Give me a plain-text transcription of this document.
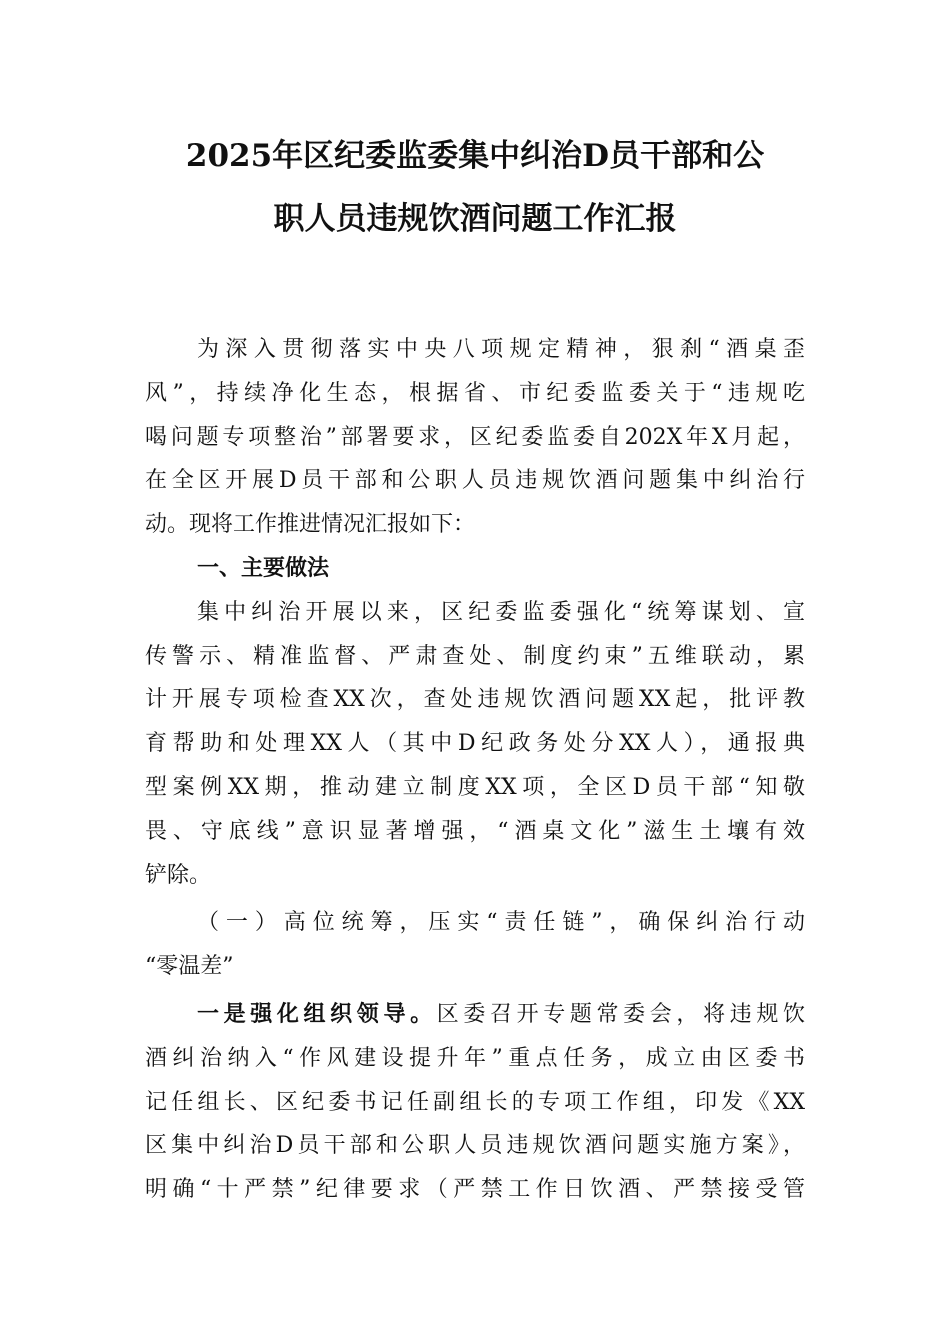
2025年区纪委监委集中纠治D员干部和公
职人员违规饮酒问题工作汇报
为深入贯彻落实中央八项规定精神，狠刹“酒桌歪
风”，持续净化生态，根据省、市纪委监委关于“违规吃
喝问题专项整治”部署要求，区纪委监委自202X年X月起，
在全区开展D员干部和公职人员违规饮酒问题集中纠治行
动。现将工作推进情况汇报如下：
一、主要做法
集中纠治开展以来，区纪委监委强化“统筹谋划、宣
传警示、精准监督、严肃查处、制度约束”五维联动，累
计开展专项检查XX次，查处违规饮酒问题XX起，批评教
育帮助和处理XX人（其中D纪政务处分XX人），通报典
型案例XX期，推动建立制度XX项，全区D员干部“知敬
畏、守底线”意识显著增强，“酒桌文化”滋生土壤有效
铲除。
（一）高位统筹，压实“责任链”，确保纠治行动
“零温差”
一是强化组织领导。区委召开专题常委会，将违规饮
酒纠治纳入“作风建设提升年”重点任务，成立由区委书
记任组长、区纪委书记任副组长的专项工作组，印发《XX
区集中纠治D员干部和公职人员违规饮酒问题实施方案》，
明确“十严禁”纪律要求（严禁工作日饮酒、严禁接受管
